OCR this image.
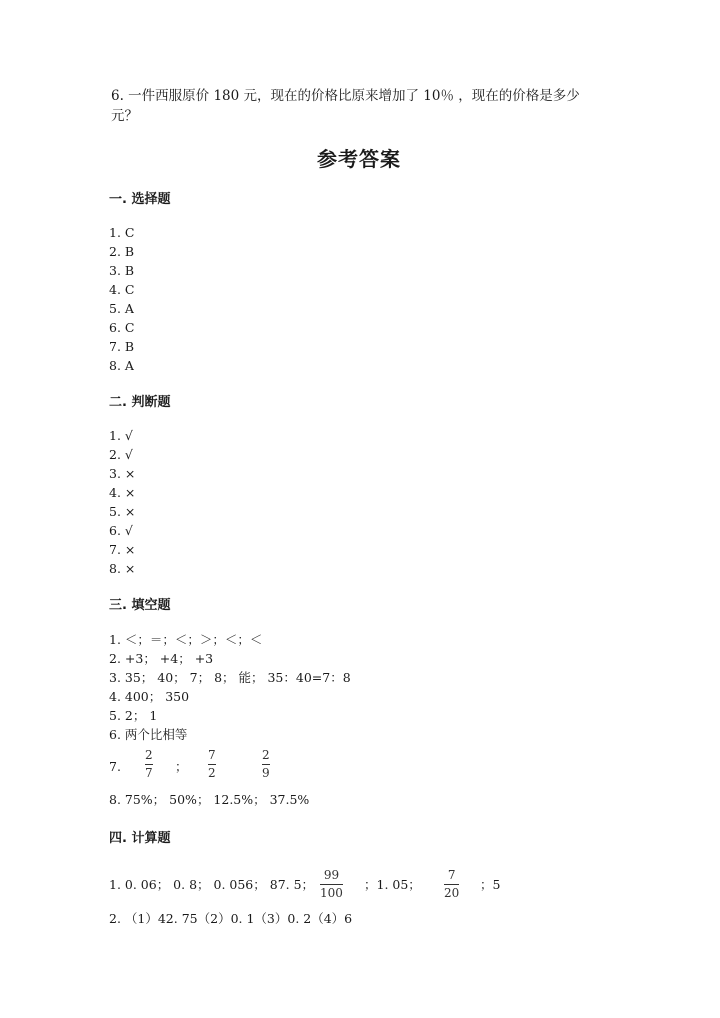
6. 一件西服原价 180 元，现在的价格比原来增加了 10％ ，现在的价格是多少
元？
参考答案
一. 选择题
1. C
2. B
3. B
4. C
5. A
6. C
7. B
8. A
二. 判断题
1. √
2. √
3. ×
4. ×
5. ×
6. √
7. ×
8. ×
三. 填空题
1. ＜；＝；＜；＞；＜；＜
2. +3； +4； +3
3. 35； 40； 7； 8； 能； 35：40=7：8
4. 400； 350
5. 2； 1
6. 两个比相等
7.
2
7 ；
7
2
2
9
8. 75%； 50%； 12.5%； 37.5%
四. 计算题
1. 0. 06； 0. 8； 0. 056； 87. 5；
99
100
；1. 05；
7
20
；5
2. （1）42. 75（2）0. 1（3）0. 2（4）6
